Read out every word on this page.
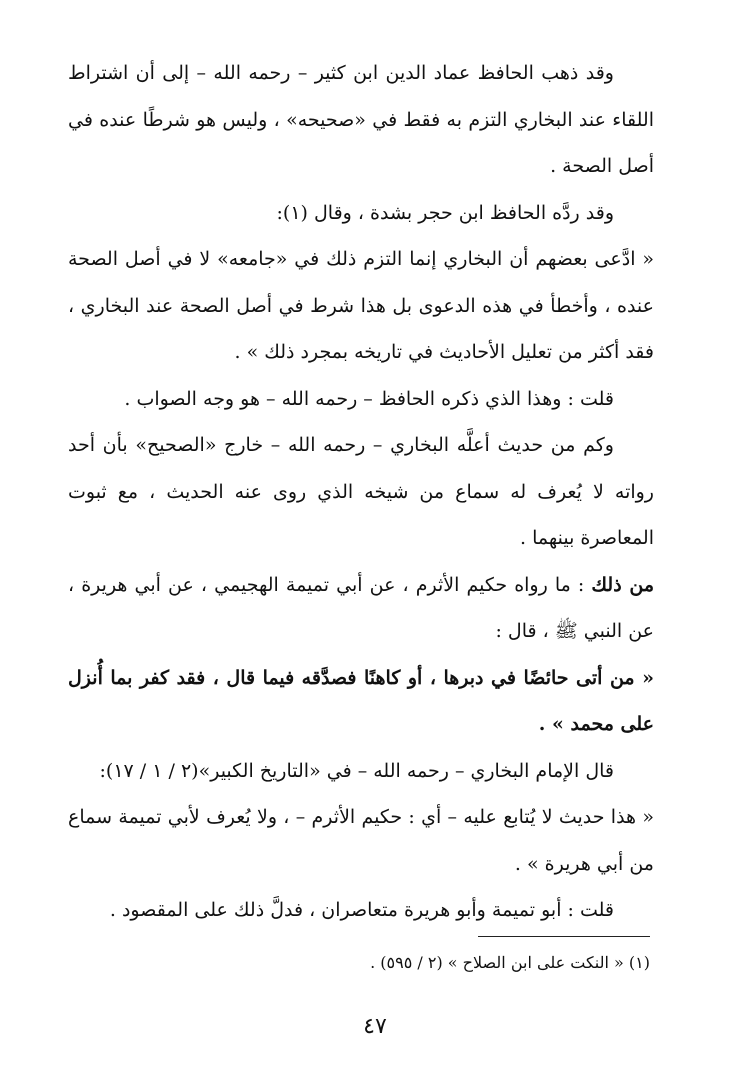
وقد ذهب الحافظ عماد الدين ابن كثير – رحمه الله – إلى أن اشتراط اللقاء عند البخاري التزم به فقط في «صحيحه» ، وليس هو شرطًا عنده في أصل الصحة .

وقد ردَّه الحافظ ابن حجر بشدة ، وقال (١):

« ادَّعى بعضهم أن البخاري إنما التزم ذلك في «جامعه» لا في أصل الصحة عنده ، وأخطأ في هذه الدعوى بل هذا شرط في أصل الصحة عند البخاري ، فقد أكثر من تعليل الأحاديث في تاريخه بمجرد ذلك » .

قلت : وهذا الذي ذكره الحافظ – رحمه الله – هو وجه الصواب .

وكم من حديث أعلَّه البخاري – رحمه الله – خارج «الصحيح» بأن أحد رواته لا يُعرف له سماع من شيخه الذي روى عنه الحديث ، مع ثبوت المعاصرة بينهما .

من ذلك : ما رواه حكيم الأثرم ، عن أبي تميمة الهجيمي ، عن أبي هريرة ، عن النبي ﷺ ، قال :

« من أتى حائضًا في دبرها ، أو كاهنًا فصدَّقه فيما قال ، فقد كفر بما أُنزل على محمد » .

قال الإمام البخاري – رحمه الله – في «التاريخ الكبير»(٢ / ١ / ١٧):

« هذا حديث لا يُتابع عليه – أي : حكيم الأثرم – ، ولا يُعرف لأبي تميمة سماع من أبي هريرة » .

قلت : أبو تميمة وأبو هريرة متعاصران ، فدلَّ ذلك على المقصود .

(١) « النكت على ابن الصلاح » (٢ / ٥٩٥) .
٤٧
